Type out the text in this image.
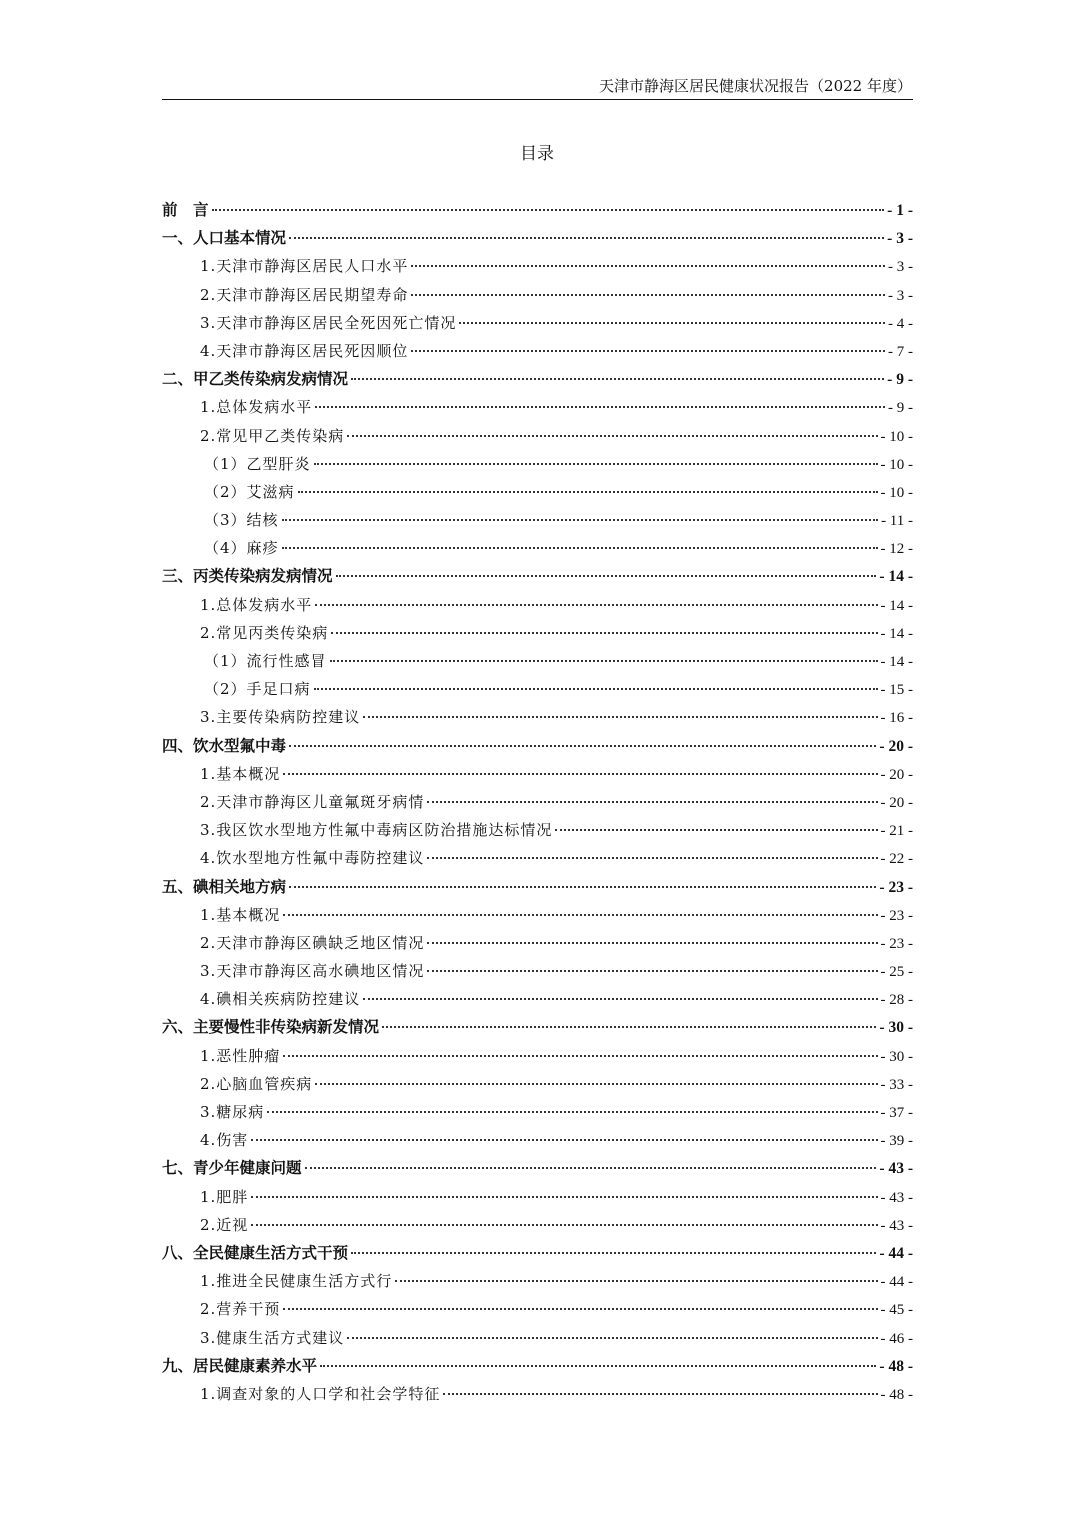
天津市静海区居民健康状况报告（2022 年度）
目录
前　言	- 1 -
一、人口基本情况	- 3 -
1.天津市静海区居民人口水平	- 3 -
2.天津市静海区居民期望寿命	- 3 -
3.天津市静海区居民全死因死亡情况	- 4 -
4.天津市静海区居民死因顺位	- 7 -
二、甲乙类传染病发病情况	- 9 -
1.总体发病水平	- 9 -
2.常见甲乙类传染病	- 10 -
（1）乙型肝炎	- 10 -
（2）艾滋病	- 10 -
（3）结核	- 11 -
（4）麻疹	- 12 -
三、丙类传染病发病情况	- 14 -
1.总体发病水平	- 14 -
2.常见丙类传染病	- 14 -
（1）流行性感冒	- 14 -
（2）手足口病	- 15 -
3.主要传染病防控建议	- 16 -
四、饮水型氟中毒	- 20 -
1.基本概况	- 20 -
2.天津市静海区儿童氟斑牙病情	- 20 -
3.我区饮水型地方性氟中毒病区防治措施达标情况	- 21 -
4.饮水型地方性氟中毒防控建议	- 22 -
五、碘相关地方病	- 23 -
1.基本概况	- 23 -
2.天津市静海区碘缺乏地区情况	- 23 -
3.天津市静海区高水碘地区情况	- 25 -
4.碘相关疾病防控建议	- 28 -
六、主要慢性非传染病新发情况	- 30 -
1.恶性肿瘤	- 30 -
2.心脑血管疾病	- 33 -
3.糖尿病	- 37 -
4.伤害	- 39 -
七、青少年健康问题	- 43 -
1.肥胖	- 43 -
2.近视	- 43 -
八、全民健康生活方式干预	- 44 -
1.推进全民健康生活方式行	- 44 -
2.营养干预	- 45 -
3.健康生活方式建议	- 46 -
九、居民健康素养水平	- 48 -
1.调查对象的人口学和社会学特征	- 48 -
